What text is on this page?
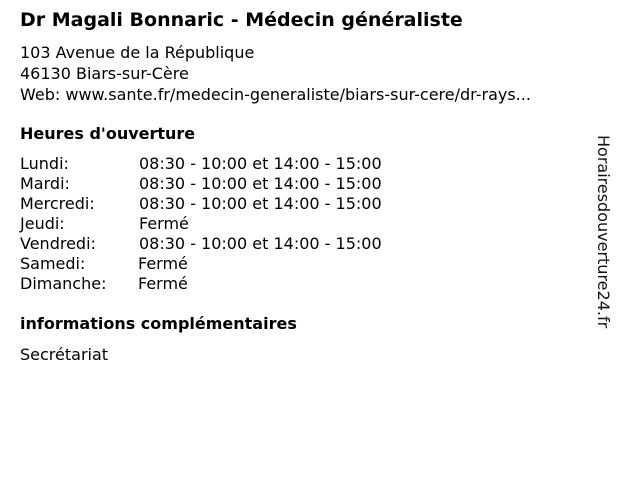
Dr Magali Bonnaric - Médecin généraliste
103 Avenue de la République
46130 Biars-sur-Cère
Web: www.sante.fr/medecin-generaliste/biars-sur-cere/dr-rays...
Heures d'ouverture
Lundi:	08:30 - 10:00 et 14:00 - 15:00
Mardi:	08:30 - 10:00 et 14:00 - 15:00
Mercredi:	08:30 - 10:00 et 14:00 - 15:00
Jeudi:	Fermé
Vendredi:	08:30 - 10:00 et 14:00 - 15:00
Samedi:	Fermé
Dimanche: Fermé
informations complémentaires
Secrétariat
Horairesdouverture24.fr
